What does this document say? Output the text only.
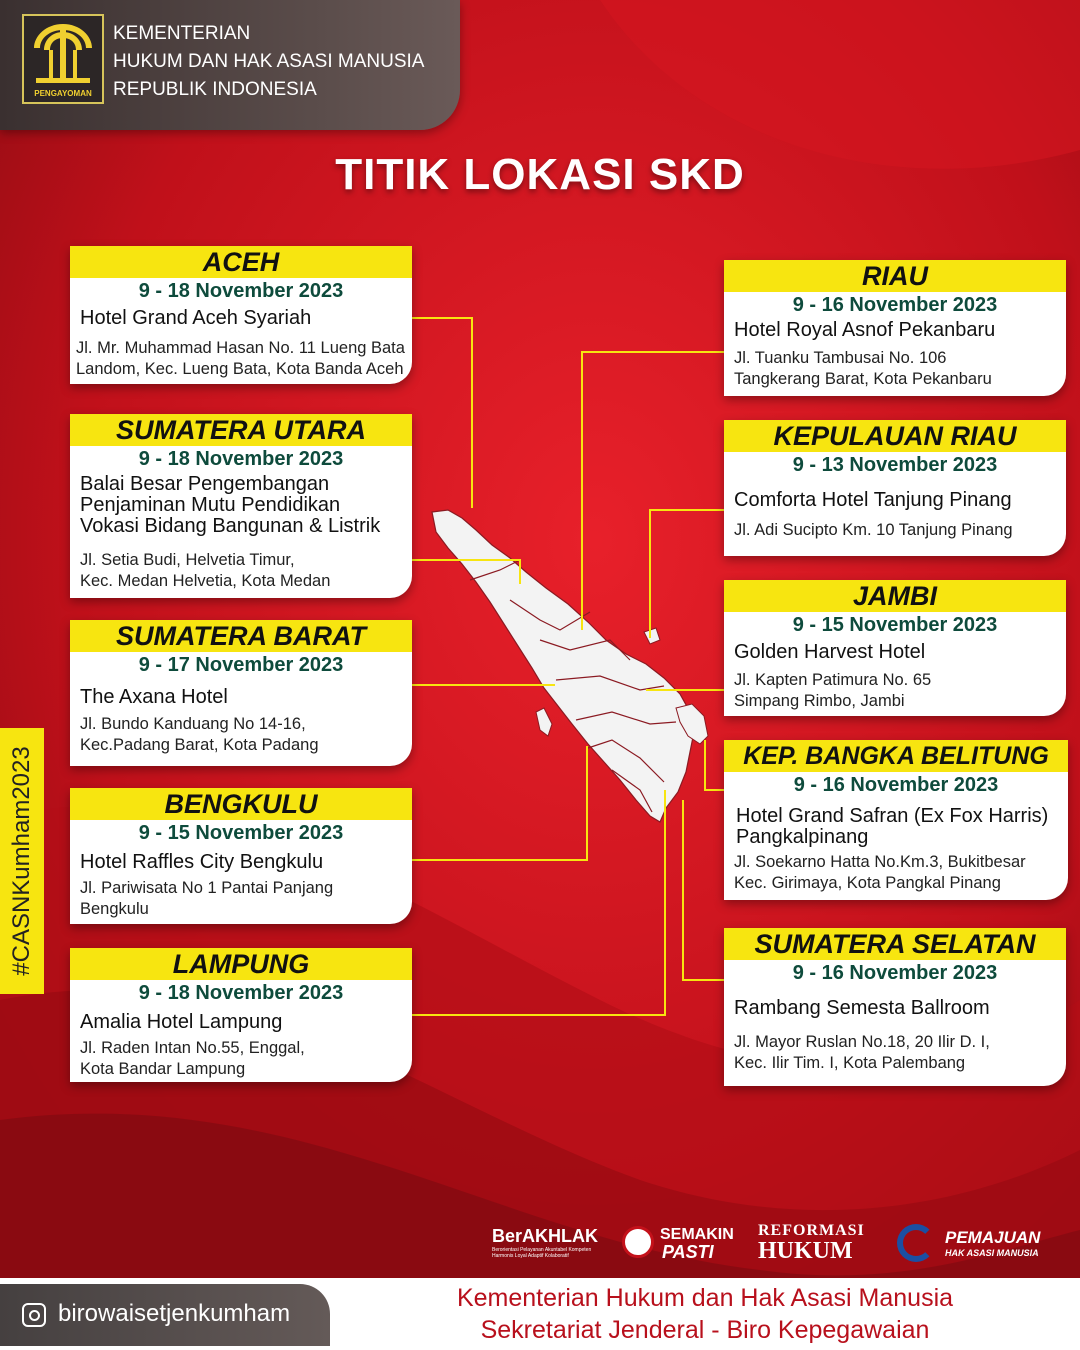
PENGAYOMAN
KEMENTERIAN
HUKUM DAN HAK ASASI MANUSIA
REPUBLIK INDONESIA
TITIK LOKASI SKD
ACEH
9 - 18 November 2023
Hotel Grand Aceh Syariah
Jl. Mr. Muhammad Hasan No. 11 Lueng Bata
Landom, Kec. Lueng Bata, Kota Banda Aceh
SUMATERA UTARA
9 - 18 November 2023
Balai Besar Pengembangan
Penjaminan Mutu Pendidikan
Vokasi Bidang Bangunan & Listrik
Jl. Setia Budi, Helvetia Timur,
Kec. Medan Helvetia, Kota Medan
SUMATERA BARAT
9 - 17 November 2023
The Axana Hotel
Jl. Bundo Kanduang No 14-16,
Kec.Padang Barat, Kota Padang
BENGKULU
9 - 15 November 2023
Hotel Raffles City Bengkulu
Jl. Pariwisata No 1 Pantai Panjang
Bengkulu
LAMPUNG
9 - 18 November 2023
Amalia Hotel Lampung
Jl. Raden Intan No.55, Enggal,
Kota Bandar Lampung
RIAU
9 - 16 November 2023
Hotel Royal Asnof Pekanbaru
Jl. Tuanku Tambusai No. 106
Tangkerang Barat, Kota Pekanbaru
KEPULAUAN RIAU
9 - 13 November 2023
Comforta Hotel Tanjung Pinang
Jl. Adi Sucipto Km. 10 Tanjung Pinang
JAMBI
9 - 15 November 2023
Golden Harvest Hotel
Jl. Kapten Patimura No. 65
Simpang Rimbo, Jambi
KEP. BANGKA BELITUNG
9 - 16 November 2023
Hotel Grand Safran (Ex Fox Harris)
Pangkalpinang
Jl. Soekarno Hatta No.Km.3, Bukitbesar
Kec. Girimaya, Kota Pangkal Pinang
SUMATERA SELATAN
9 - 16 November 2023
Rambang Semesta Ballroom
Jl. Mayor Ruslan No.18, 20 Ilir D. I,
Kec. Ilir Tim. I, Kota Palembang
#CASNKumham2023
BerAKHLAK
Berorientasi Pelayanan Akuntabel Kompeten
Harmonis Loyal Adaptif Kolaboratif
SEMAKIN
PASTI
REFORMASI
HUKUM
PEMAJUAN
HAK ASASI MANUSIA
birowaisetjenkumham
Kementerian Hukum dan Hak Asasi Manusia
Sekretariat Jenderal - Biro Kepegawaian
